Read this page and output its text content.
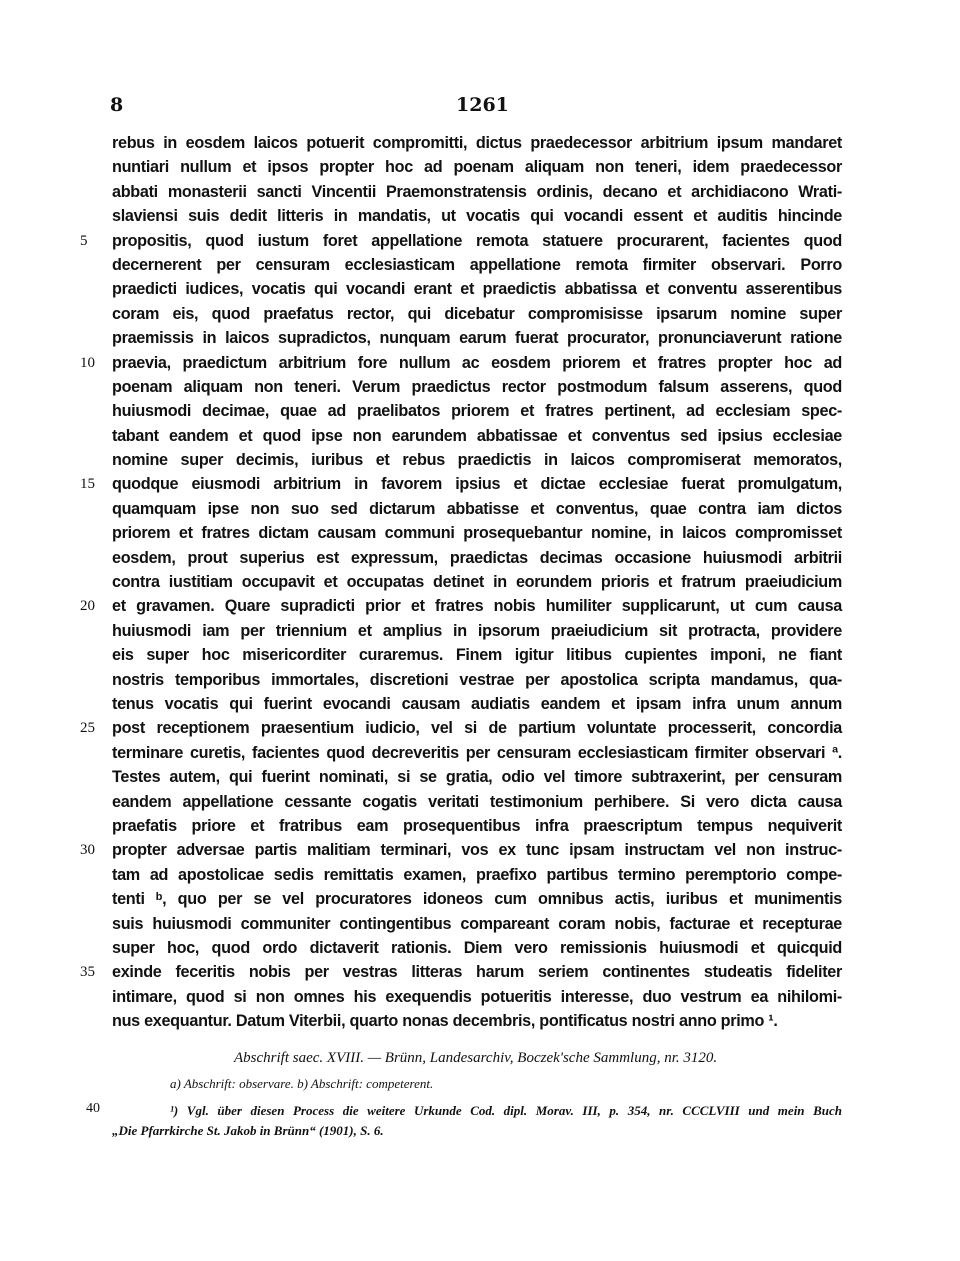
8	1261
rebus in eosdem laicos potuerit compromitti, dictus praedecessor arbitrium ipsum mandaret
nuntiari nullum et ipsos propter hoc ad poenam aliquam non teneri, idem praedecessor
abbati monasterii sancti Vincentii Praemonstratensis ordinis, decano et archidiacono Wrati-
slaviensi suis dedit litteris in mandatis, ut vocatis qui vocandi essent et auditis hincinde
5	propositis, quod iustum foret appellatione remota statuere procurarent, facientes quod
decernerent per censuram ecclesiasticam appellatione remota firmiter observari. Porro
praedicti iudices, vocatis qui vocandi erant et praedictis abbatissa et conventu asserentibus
coram eis, quod praefatus rector, qui dicebatur compromisisse ipsarum nomine super
praemissis in laicos supradictos, nunquam earum fuerat procurator, pronunciaverunt ratione
10	praevia, praedictum arbitrium fore nullum ac eosdem priorem et fratres propter hoc ad
poenam aliquam non teneri. Verum praedictus rector postmodum falsum asserens, quod
huiusmodi decimae, quae ad praelibatos priorem et fratres pertinent, ad ecclesiam spec-
tabant eandem et quod ipse non earundem abbatissae et conventus sed ipsius ecclesiae
nomine super decimis, iuribus et rebus praedictis in laicos compromiserat memoratos,
15	quodque eiusmodi arbitrium in favorem ipsius et dictae ecclesiae fuerat promulgatum,
quamquam ipse non suo sed dictarum abbatisse et conventus, quae contra iam dictos
priorem et fratres dictam causam communi prosequebantur nomine, in laicos compromisset
eosdem, prout superius est expressum, praedictas decimas occasione huiusmodi arbitrii
contra iustitiam occupavit et occupatas detinet in eorundem prioris et fratrum praeiudicium
20	et gravamen. Quare supradicti prior et fratres nobis humiliter supplicarunt, ut cum causa
huiusmodi iam per triennium et amplius in ipsorum praeiudicium sit protracta, providere
eis super hoc misericorditer curaremus. Finem igitur litibus cupientes imponi, ne fiant
nostris temporibus immortales, discretioni vestrae per apostolica scripta mandamus, qua-
tenus vocatis qui fuerint evocandi causam audiatis eandem et ipsam infra unum annum
25	post receptionem praesentium iudicio, vel si de partium voluntate processerit, concordia
terminare curetis, facientes quod decreveritis per censuram ecclesiasticam firmiter observari ª.
Testes autem, qui fuerint nominati, si se gratia, odio vel timore subtraxerint, per censuram
eandem appellatione cessante cogatis veritati testimonium perhibere. Si vero dicta causa
praefatis priore et fratribus eam prosequentibus infra praescriptum tempus nequiverit
30	propter adversae partis malitiam terminari, vos ex tunc ipsam instructam vel non instruc-
tam ad apostolicae sedis remittatis examen, praefixo partibus termino peremptorio compe-
tenti ᵇ, quo per se vel procuratores idoneos cum omnibus actis, iuribus et munimentis
suis huiusmodi communiter contingentibus compareant coram nobis, facturae et recepturae
super hoc, quod ordo dictaverit rationis. Diem vero remissionis huiusmodi et quicquid
35	exinde feceritis nobis per vestras litteras harum seriem continentes studeatis fideliter
intimare, quod si non omnes his exequendis potueritis interesse, duo vestrum ea nihilomi-
nus exequantur. Datum Viterbii, quarto nonas decembris, pontificatus nostri anno primo ¹.
Abschrift saec. XVIII. — Brünn, Landesarchiv, Boczek'sche Sammlung, nr. 3120.
a) Abschrift: observare. b) Abschrift: competerent.
40	¹) Vgl. über diesen Process die weitere Urkunde Cod. dipl. Morav. III, p. 354, nr. CCCLVIII und mein Buch
„Die Pfarrkirche St. Jakob in Brünn“ (1901), S. 6.
